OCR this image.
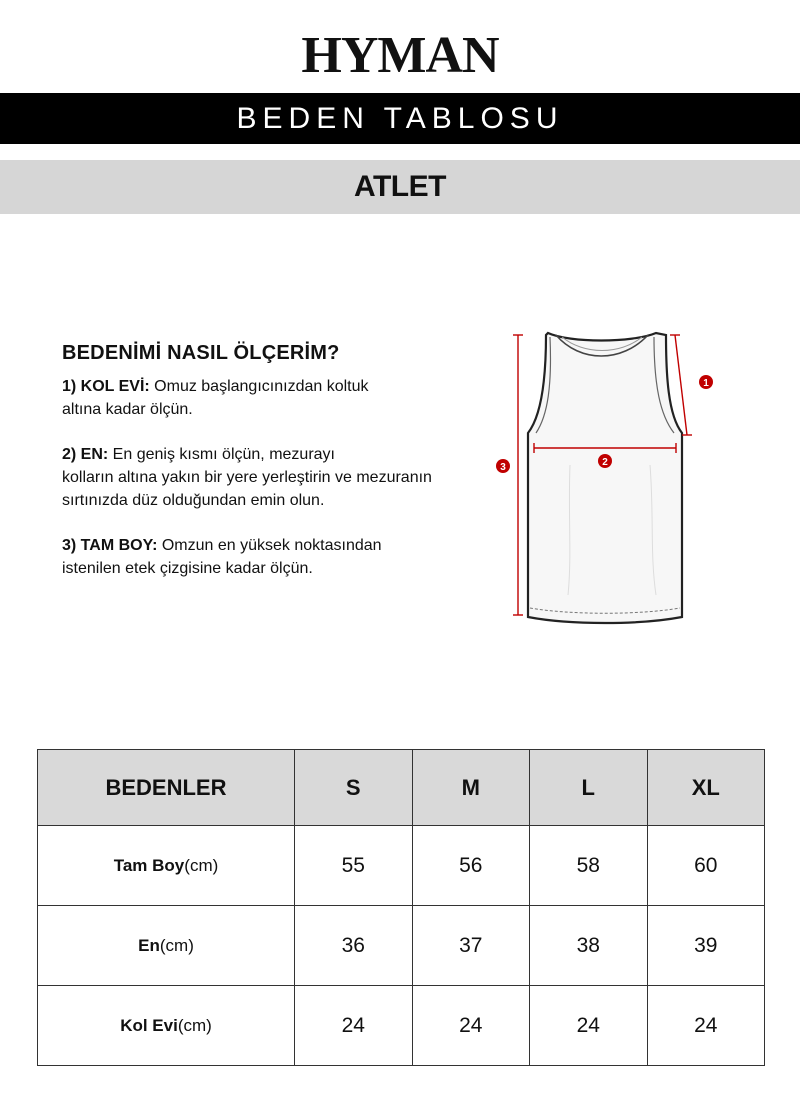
HYMAN
BEDEN TABLOSU
ATLET
BEDENİMİ NASIL ÖLÇERİM?

1) KOL EVİ: Omuz başlangıcınızdan koltuk
altına kadar ölçün.

2) EN: En geniş kısmı ölçün, mezurayı
kolların altına yakın bir yere yerleştirin ve mezuranın
sırtınızda düz olduğundan emin olun.

3) TAM BOY: Omzun en yüksek noktasından
istenilen etek çizgisine kadar ölçün.

1
2
3
BEDENLER	S	M	L	XL
Tam Boy(cm)	55	56	58	60
En(cm)	36	37	38	39
Kol Evi(cm)	24	24	24	24
